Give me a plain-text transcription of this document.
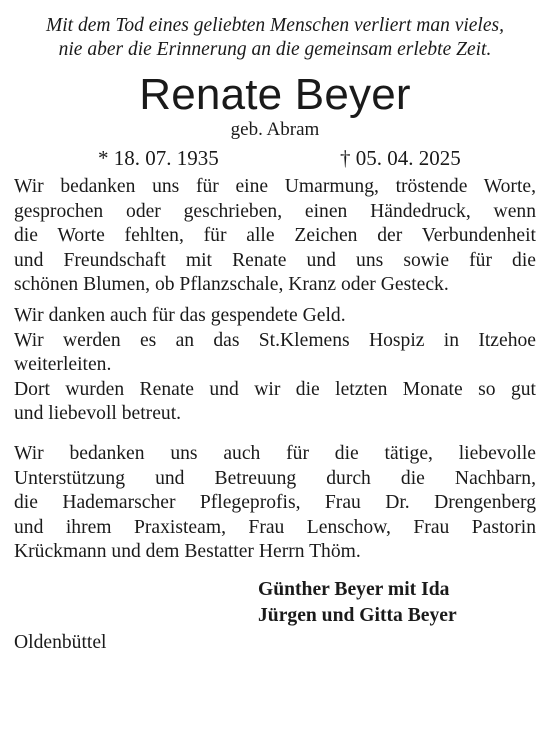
Mit dem Tod eines geliebten Menschen verliert man vieles,
nie aber die Erinnerung an die gemeinsam erlebte Zeit.
Renate Beyer
geb. Abram
* 18. 07. 1935	† 05. 04. 2025
Wir bedanken uns für eine Umarmung, tröstende Worte,
gesprochen oder geschrieben, einen Händedruck, wenn
die Worte fehlten, für alle Zeichen der Verbundenheit
und Freundschaft mit Renate und uns sowie für die
schönen Blumen, ob Pflanzschale, Kranz oder Gesteck.
Wir danken auch für das gespendete Geld.
Wir werden es an das St.Klemens Hospiz in Itzehoe
weiterleiten.
Dort wurden Renate und wir die letzten Monate so gut
und liebevoll betreut.
Wir bedanken uns auch für die tätige, liebevolle
Unterstützung und Betreuung durch die Nachbarn,
die Hademarscher Pflegeprofis, Frau Dr. Drengenberg
und ihrem Praxisteam, Frau Lenschow, Frau Pastorin
Krückmann und dem Bestatter Herrn Thöm.
Günther Beyer mit Ida
Jürgen und Gitta Beyer
Oldenbüttel
